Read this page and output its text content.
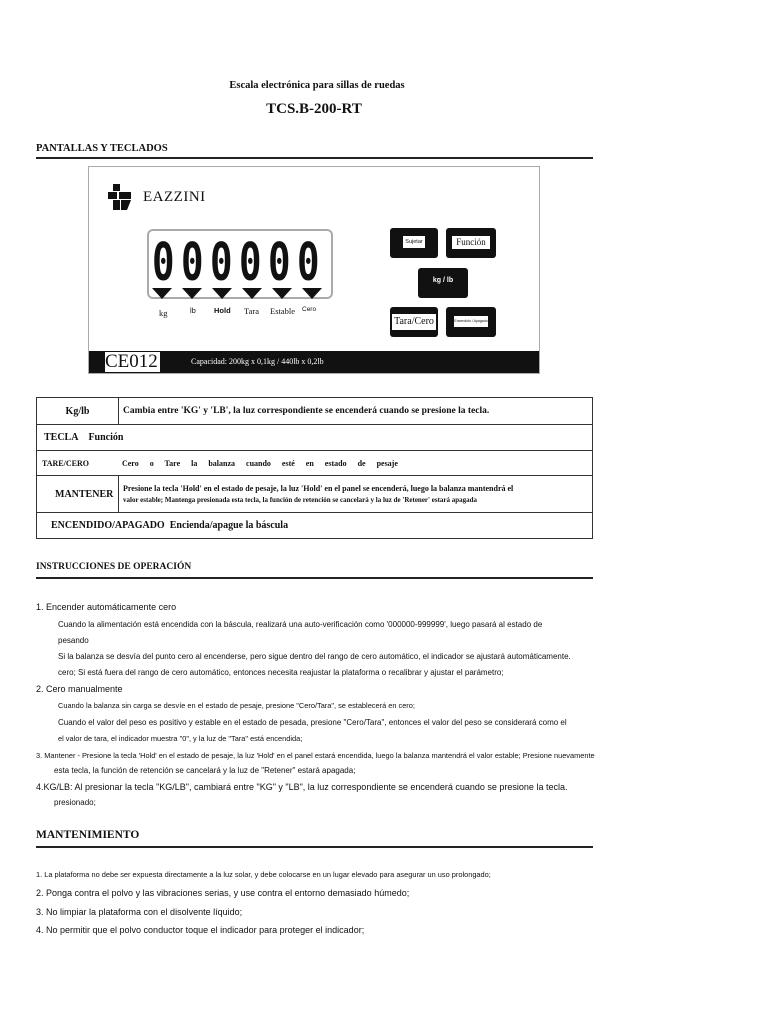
Escala electrónica para sillas de ruedas
TCS.B-200-RT
PANTALLAS Y TECLADOS
EAZZINI
0 0 0 0 0 0
kg	lb Hold Tara Estable Cero
Sujetar	Función
kg / lb
Tara/Cero	Encendido / Apagado
CE012	Capacidad: 200kg x 0,1kg / 440lb x 0,2lb
Kg/lb	Cambia entre 'KG' y 'LB', la luz correspondiente se encenderá cuando se presione la tecla.
TECLA Función	
TARE/CERO Cero o Tare la balanza cuando esté en estado de pesaje	
MANTENER	Presione la tecla 'Hold' en el estado de pesaje, la luz 'Hold' en el panel se encenderá, luego la balanza mantendrá el
valor estable; Mantenga presionada esta tecla, la función de retención se cancelará y la luz de 'Retener' estará apagada
ENCENDIDO/APAGADO Encienda/apague la báscula	
INSTRUCCIONES DE OPERACIÓN
1. Encender automáticamente cero
Cuando la alimentación está encendida con la báscula, realizará una auto-verificación como '000000-999999', luego pasará al estado de
pesando
Si la balanza se desvía del punto cero al encenderse, pero sigue dentro del rango de cero automático, el indicador se ajustará automáticamente.
cero; Si está fuera del rango de cero automático, entonces necesita reajustar la plataforma o recalibrar y ajustar el parámetro;
2. Cero manualmente
Cuando la balanza sin carga se desvíe en el estado de pesaje, presione "Cero/Tara", se establecerá en cero;
Cuando el valor del peso es positivo y estable en el estado de pesada, presione "Cero/Tara", entonces el valor del peso se considerará como el
el valor de tara, el indicador muestra "0", y la luz de "Tara" está encendida;
3. Mantener - Presione la tecla 'Hold' en el estado de pesaje, la luz 'Hold' en el panel estará encendida, luego la balanza mantendrá el valor estable; Presione nuevamente
esta tecla, la función de retención se cancelará y la luz de "Retener" estará apagada;
4.KG/LB: Al presionar la tecla "KG/LB", cambiará entre "KG" y "LB", la luz correspondiente se encenderá cuando se presione la tecla.
presionado;
MANTENIMIENTO
1. La plataforma no debe ser expuesta directamente a la luz solar, y debe colocarse en un lugar elevado para asegurar un uso prolongado;
2. Ponga contra el polvo y las vibraciones serias, y use contra el entorno demasiado húmedo;
3. No limpiar la plataforma con el disolvente líquido;
4. No permitir que el polvo conductor toque el indicador para proteger el indicador;
